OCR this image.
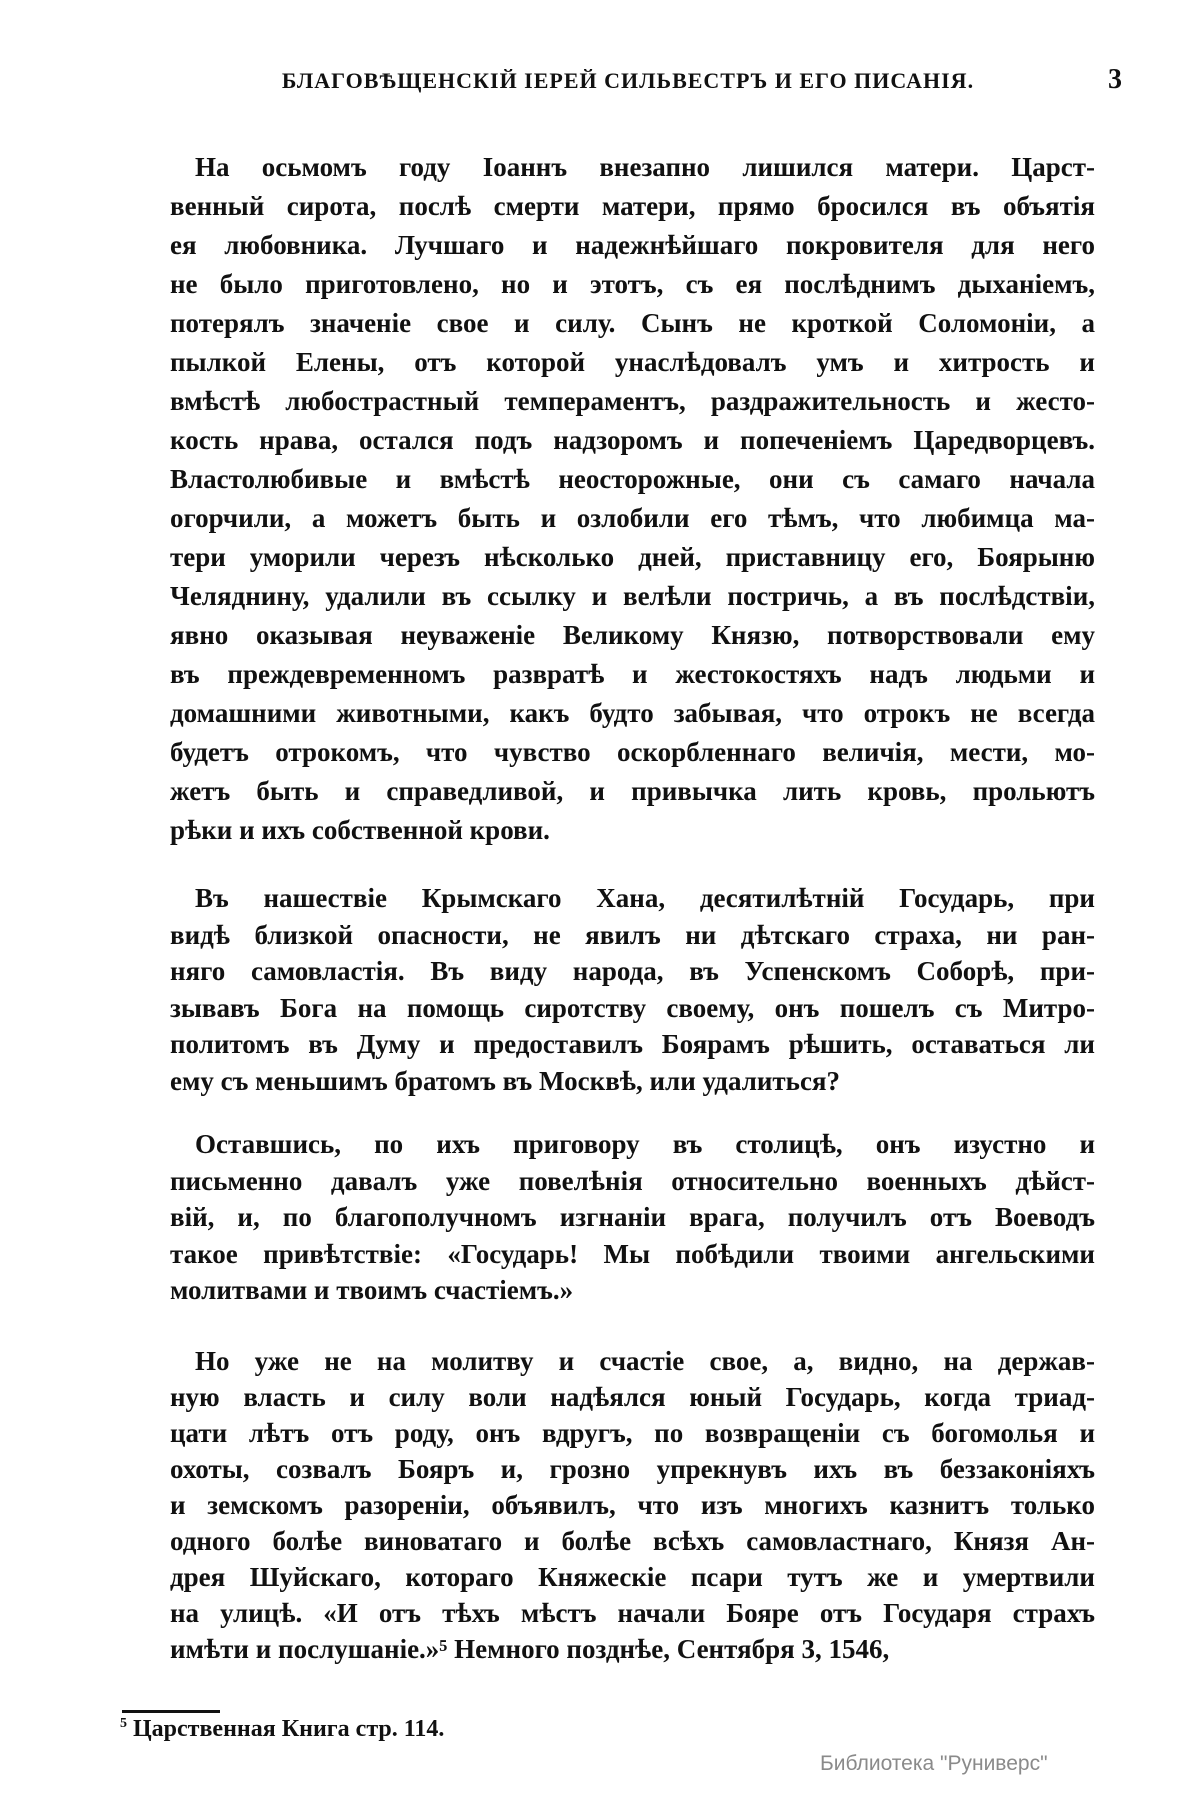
БЛАГОВѢЩЕНСКІЙ ІЕРЕЙ СИЛЬВЕСТРЪ И ЕГО ПИСАНІЯ.	3
На осьмомъ году Іоаннъ внезапно лишился матери. Царст-
венный сирота, послѣ смерти матери, прямо бросился въ объятія
ея любовника. Лучшаго и надежнѣйшаго покровителя для него
не было приготовлено, но и этотъ, съ ея послѣднимъ дыханіемъ,
потерялъ значеніе свое и силу. Сынъ не кроткой Соломоніи, а
пылкой Елены, отъ которой унаслѣдовалъ умъ и хитрость и
вмѣстѣ любострастный темпераментъ, раздражительность и жесто-
кость нрава, остался подъ надзоромъ и попеченіемъ Царедворцевъ.
Властолюбивые и вмѣстѣ неосторожные, они съ самаго начала
огорчили, а можетъ быть и озлобили его тѣмъ, что любимца ма-
тери уморили черезъ нѣсколько дней, приставницу его, Боярыню
Челяднину, удалили въ ссылку и велѣли постричь, а въ послѣдствіи,
явно оказывая неуваженіе Великому Князю, потворствовали ему
въ преждевременномъ развратѣ и жестокостяхъ надъ людьми и
домашними животными, какъ будто забывая, что отрокъ не всегда
будетъ отрокомъ, что чувство оскорбленнаго величія, мести, мо-
жетъ быть и справедливой, и привычка лить кровь, прольютъ
рѣки и ихъ собственной крови.
Въ нашествіе Крымскаго Хана, десятилѣтній Государь, при
видѣ близкой опасности, не явилъ ни дѣтскаго страха, ни ран-
няго самовластія. Въ виду народа, въ Успенскомъ Соборѣ, при-
зывавъ Бога на помощь сиротству своему, онъ пошелъ съ Митро-
политомъ въ Думу и предоставилъ Боярамъ рѣшить, оставаться ли
ему съ меньшимъ братомъ въ Москвѣ, или удалиться?
Оставшись, по ихъ приговору въ столицѣ, онъ изустно и
письменно давалъ уже повелѣнія относительно военныхъ дѣйст-
вій, и, по благополучномъ изгнаніи врага, получилъ отъ Воеводъ
такое привѣтствіе: «Государь! Мы побѣдили твоими ангельскими
молитвами и твоимъ счастіемъ.»
Но уже не на молитву и счастіе свое, а, видно, на держав-
ную власть и силу воли надѣялся юный Государь, когда триад-
цати лѣтъ отъ роду, онъ вдругъ, по возвращеніи съ богомолья и
охоты, созвалъ Бояръ и, грозно упрекнувъ ихъ въ беззаконіяхъ
и земскомъ разореніи, объявилъ, что изъ многихъ казнитъ только
одного болѣе виноватаго и болѣе всѣхъ самовластнаго, Князя Ан-
дрея Шуйскаго, котораго Княжескіе псари тутъ же и умертвили
на улицѣ. «И отъ тѣхъ мѣстъ начали Бояре отъ Государя страхъ
имѣти и послушаніе.»⁵ Немного позднѣе, Сентября 3, 1546,
$^5$ Царственная Книга стр. 114.
Библиотека "Руниверс"
